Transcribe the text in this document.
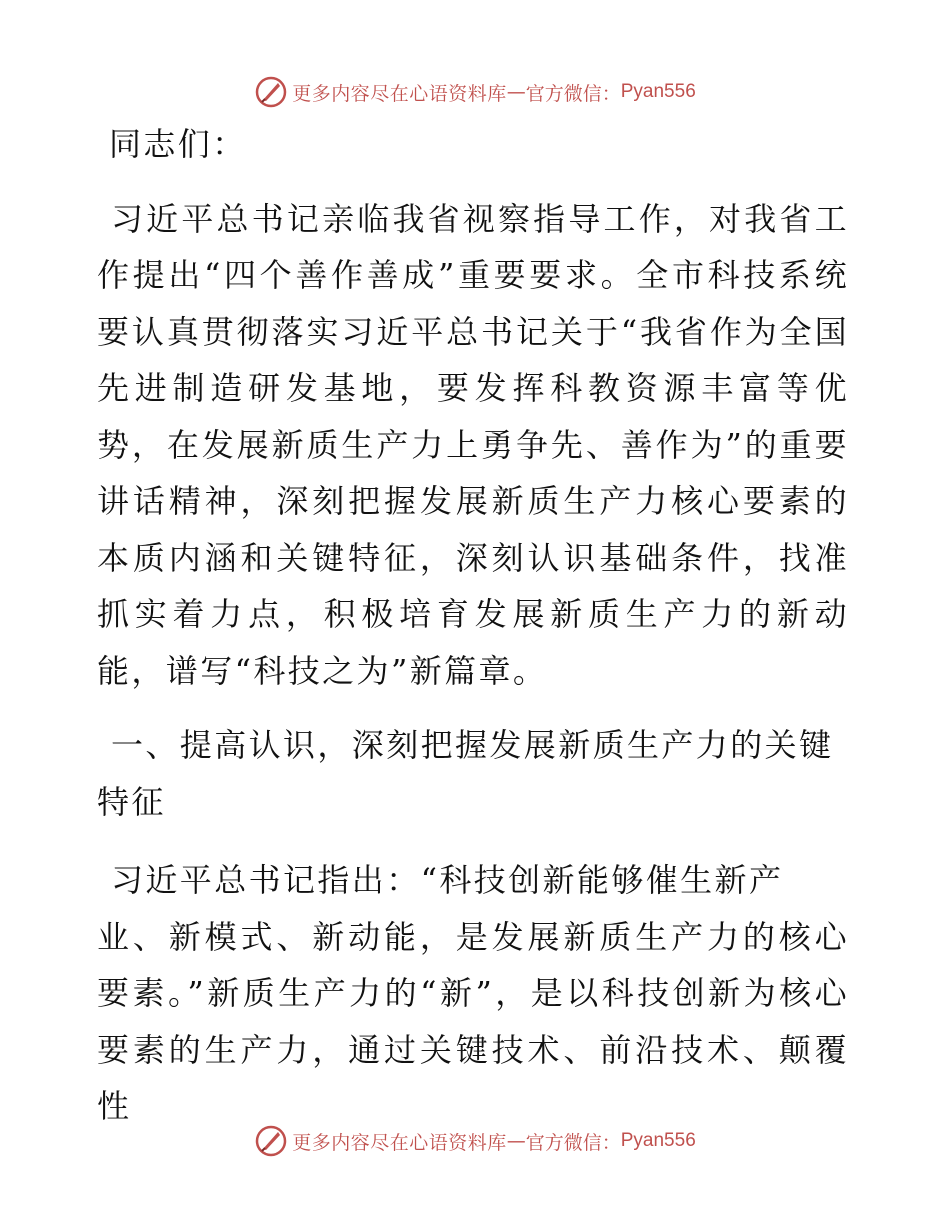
更多内容尽在心语资料库 — 官方微信： Pyan556

同志们：

习近平总书记亲临我省视察指导工作，对我省工作提出“四个善作善成”重要要求。全市科技系统要认真贯彻落实习近平总书记关于“我省作为全国先进制造研发基地，要发挥科教资源丰富等优势，在发展新质生产力上勇争先、善作为”的重要讲话精神，深刻把握发展新质生产力核心要素的本质内涵和关键特征，深刻认识基础条件，找准抓实着力点，积极培育发展新质生产力的新动能，谱写“科技之为”新篇章。

一、提高认识，深刻把握发展新质生产力的关键特征

习近平总书记指出：“科技创新能够催生新产
业、新模式、新动能，是发展新质生产力的核心要素。”新质生产力的“新”，是以科技创新为核心要素的生产力，通过关键技术、前沿技术、颠覆性

更多内容尽在心语资料库 — 官方微信： Pyan556
